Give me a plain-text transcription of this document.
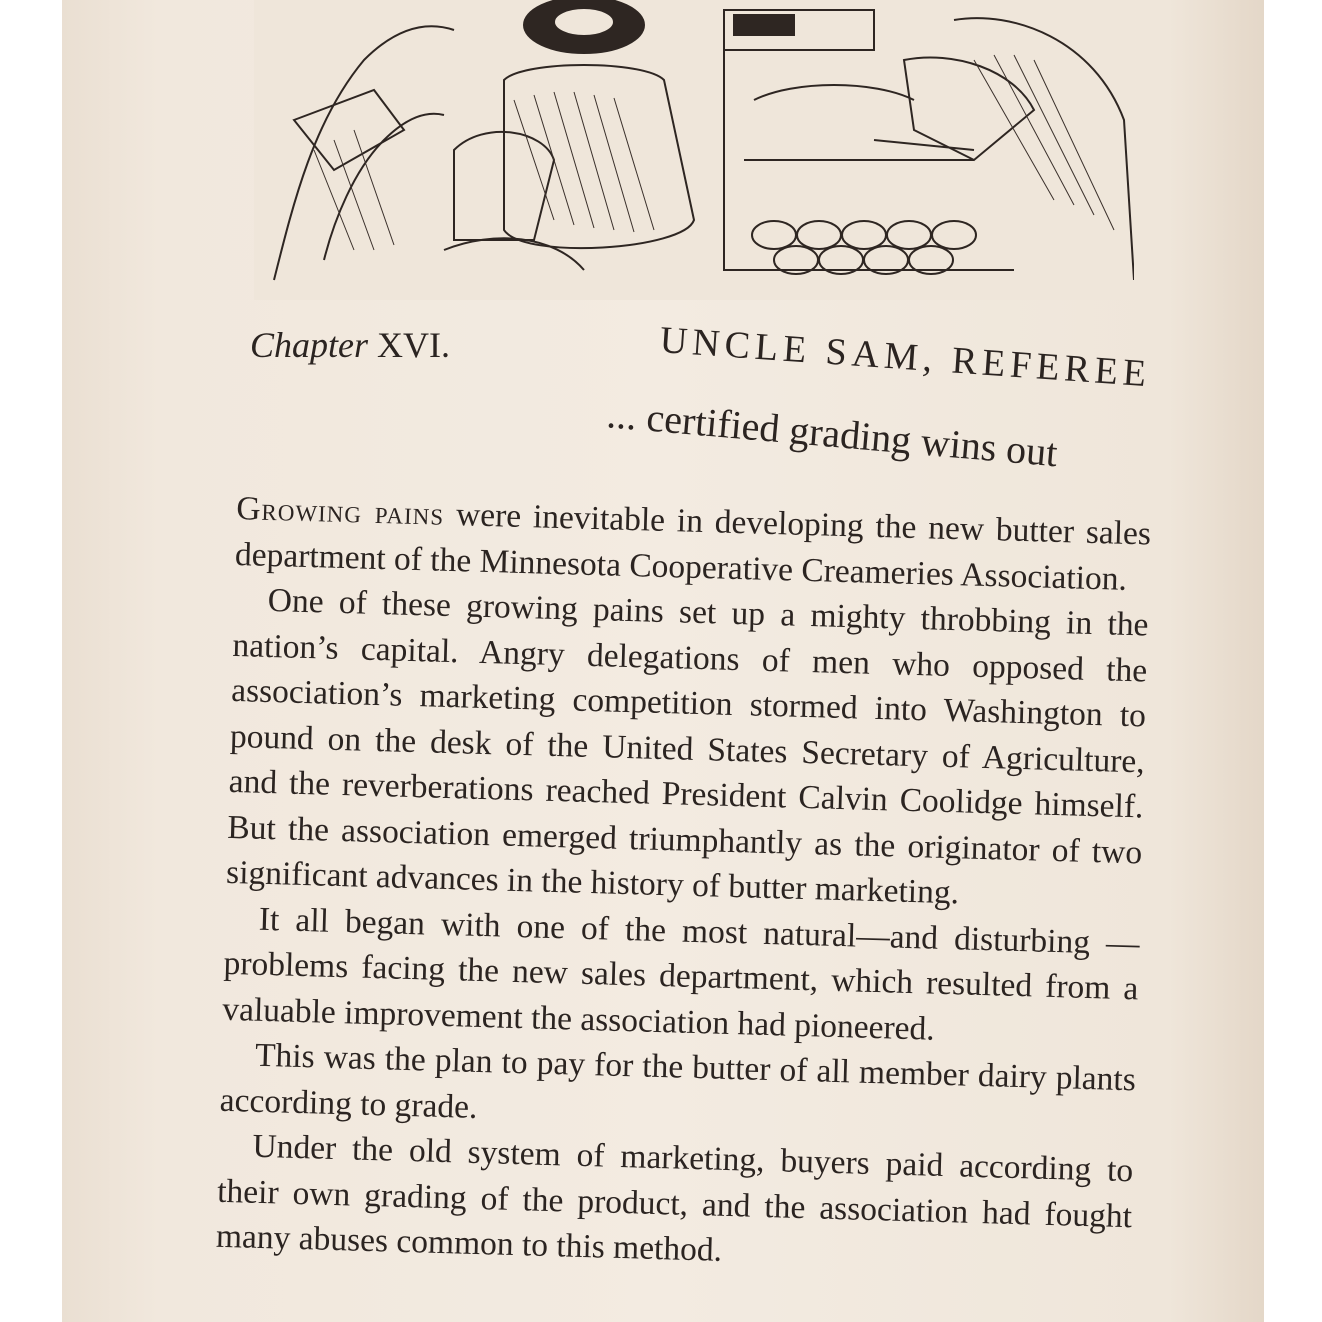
Chapter XVI.	UNCLE SAM, REFEREE
... certified grading wins out

Growing pains were inevitable in developing the new butter sales department of the Minnesota Cooperative Creameries Association.

One of these growing pains set up a mighty throbbing in the nation’s capital. Angry delegations of men who opposed the association’s marketing competition stormed into Washington to pound on the desk of the United States Secretary of Agriculture, and the reverberations reached President Calvin Coolidge himself. But the association emerged triumphantly as the originator of two significant advances in the history of butter marketing.

It all began with one of the most natural—and disturbing —problems facing the new sales department, which resulted from a valuable improvement the association had pioneered.

This was the plan to pay for the butter of all member dairy plants according to grade.

Under the old system of marketing, buyers paid according to their own grading of the product, and the association had fought many abuses common to this method.
